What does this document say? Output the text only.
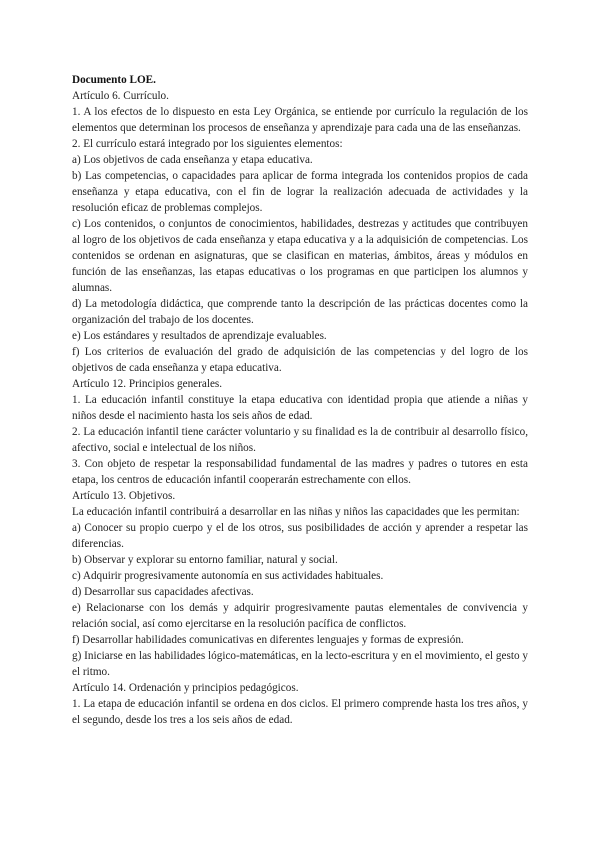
Documento LOE.

Artículo 6. Currículo.

1. A los efectos de lo dispuesto en esta Ley Orgánica, se entiende por currículo la regulación de los elementos que determinan los procesos de enseñanza y aprendizaje para cada una de las enseñanzas.

2. El currículo estará integrado por los siguientes elementos:

a) Los objetivos de cada enseñanza y etapa educativa.

b) Las competencias, o capacidades para aplicar de forma integrada los contenidos propios de cada enseñanza y etapa educativa, con el fin de lograr la realización adecuada de actividades y la resolución eficaz de problemas complejos.

c) Los contenidos, o conjuntos de conocimientos, habilidades, destrezas y actitudes que contribuyen al logro de los objetivos de cada enseñanza y etapa educativa y a la adquisición de competencias. Los contenidos se ordenan en asignaturas, que se clasifican en materias, ámbitos, áreas y módulos en función de las enseñanzas, las etapas educativas o los programas en que participen los alumnos y alumnas.

d) La metodología didáctica, que comprende tanto la descripción de las prácticas docentes como la organización del trabajo de los docentes.

e) Los estándares y resultados de aprendizaje evaluables.

f) Los criterios de evaluación del grado de adquisición de las competencias y del logro de los objetivos de cada enseñanza y etapa educativa.

Artículo 12. Principios generales.

1. La educación infantil constituye la etapa educativa con identidad propia que atiende a niñas y niños desde el nacimiento hasta los seis años de edad.

2. La educación infantil tiene carácter voluntario y su finalidad es la de contribuir al desarrollo físico, afectivo, social e intelectual de los niños.

3. Con objeto de respetar la responsabilidad fundamental de las madres y padres o tutores en esta etapa, los centros de educación infantil cooperarán estrechamente con ellos.

Artículo 13. Objetivos.

La educación infantil contribuirá a desarrollar en las niñas y niños las capacidades que les permitan:

a) Conocer su propio cuerpo y el de los otros, sus posibilidades de acción y aprender a respetar las diferencias.

b) Observar y explorar su entorno familiar, natural y social.

c) Adquirir progresivamente autonomía en sus actividades habituales.

d) Desarrollar sus capacidades afectivas.

e) Relacionarse con los demás y adquirir progresivamente pautas elementales de convivencia y relación social, así como ejercitarse en la resolución pacífica de conflictos.

f) Desarrollar habilidades comunicativas en diferentes lenguajes y formas de expresión.

g) Iniciarse en las habilidades lógico-matemáticas, en la lecto-escritura y en el movimiento, el gesto y el ritmo.

Artículo 14. Ordenación y principios pedagógicos.

1. La etapa de educación infantil se ordena en dos ciclos. El primero comprende hasta los tres años, y el segundo, desde los tres a los seis años de edad.
